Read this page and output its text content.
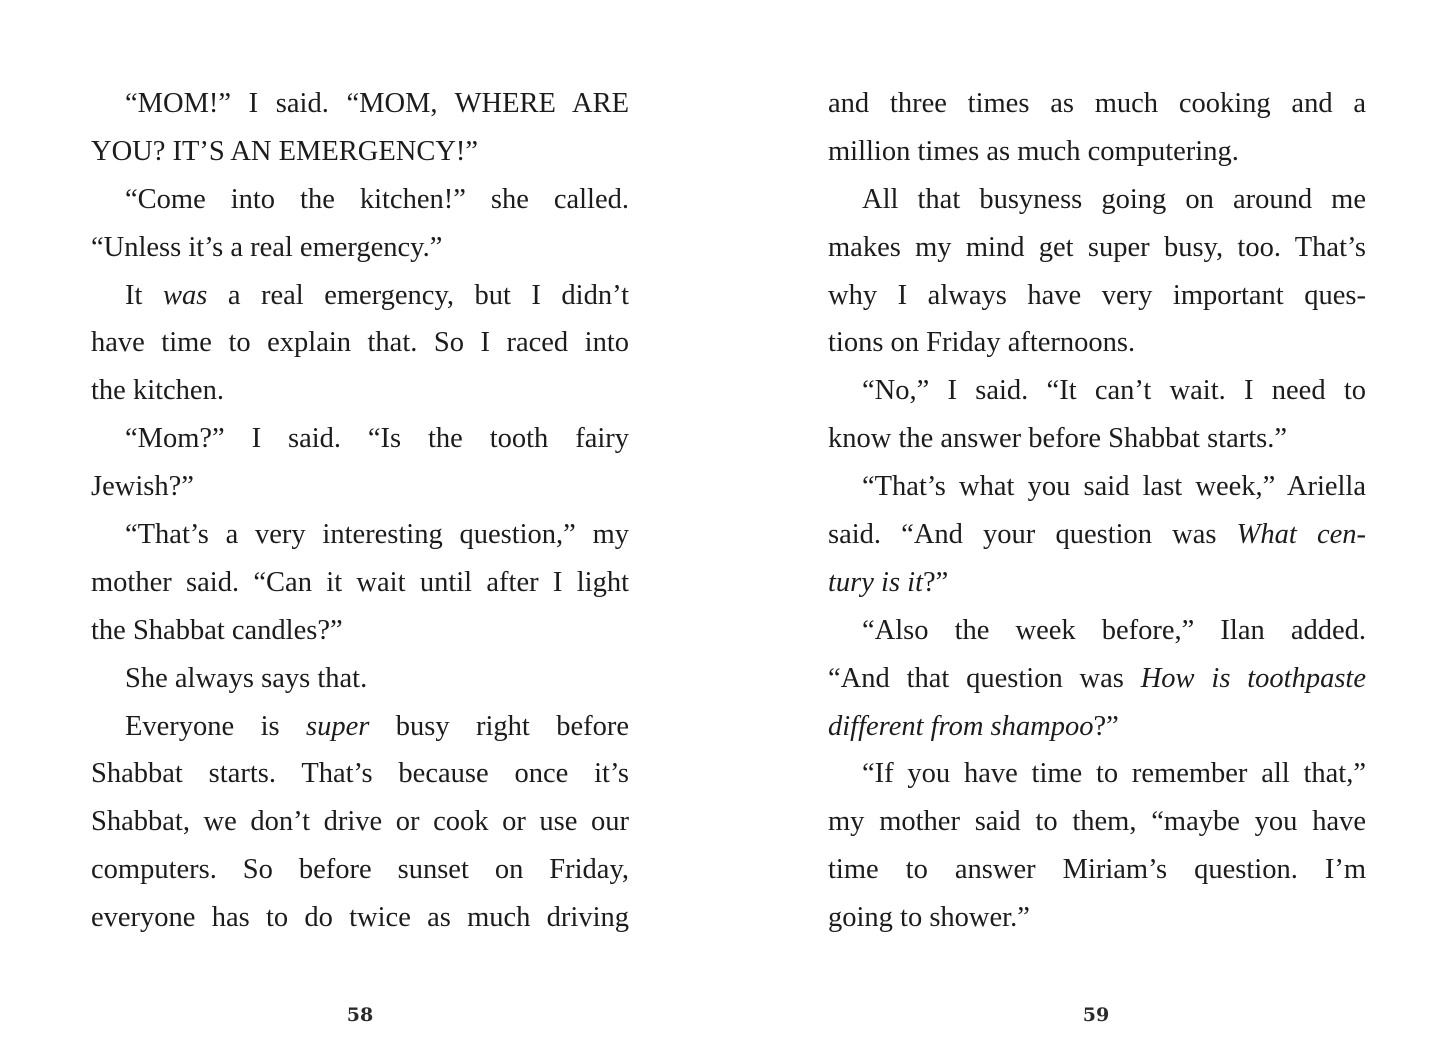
“MOM!” I said. “MOM, WHERE ARE
YOU? IT’S AN EMERGENCY!”
“Come into the kitchen!” she called.
“Unless it’s a real emergency.”
It was a real emergency, but I didn’t
have time to explain that. So I raced into
the kitchen.
“Mom?” I said. “Is the tooth fairy
Jewish?”
“That’s a very interesting question,” my
mother said. “Can it wait until after I light
the Shabbat candles?”
She always says that.
Everyone is super busy right before
Shabbat starts. That’s because once it’s
Shabbat, we don’t drive or cook or use our
computers. So before sunset on Friday,
everyone has to do twice as much driving
and three times as much cooking and a
million times as much computering.
All that busyness going on around me
makes my mind get super busy, too. That’s
why I always have very important ques-
tions on Friday afternoons.
“No,” I said. “It can’t wait. I need to
know the answer before Shabbat starts.”
“That’s what you said last week,” Ariella
said. “And your question was What cen-
tury is it?”
“Also the week before,” Ilan added.
“And that question was How is toothpaste
different from shampoo?”
“If you have time to remember all that,”
my mother said to them, “maybe you have
time to answer Miriam’s question. I’m
going to shower.”
58	59
